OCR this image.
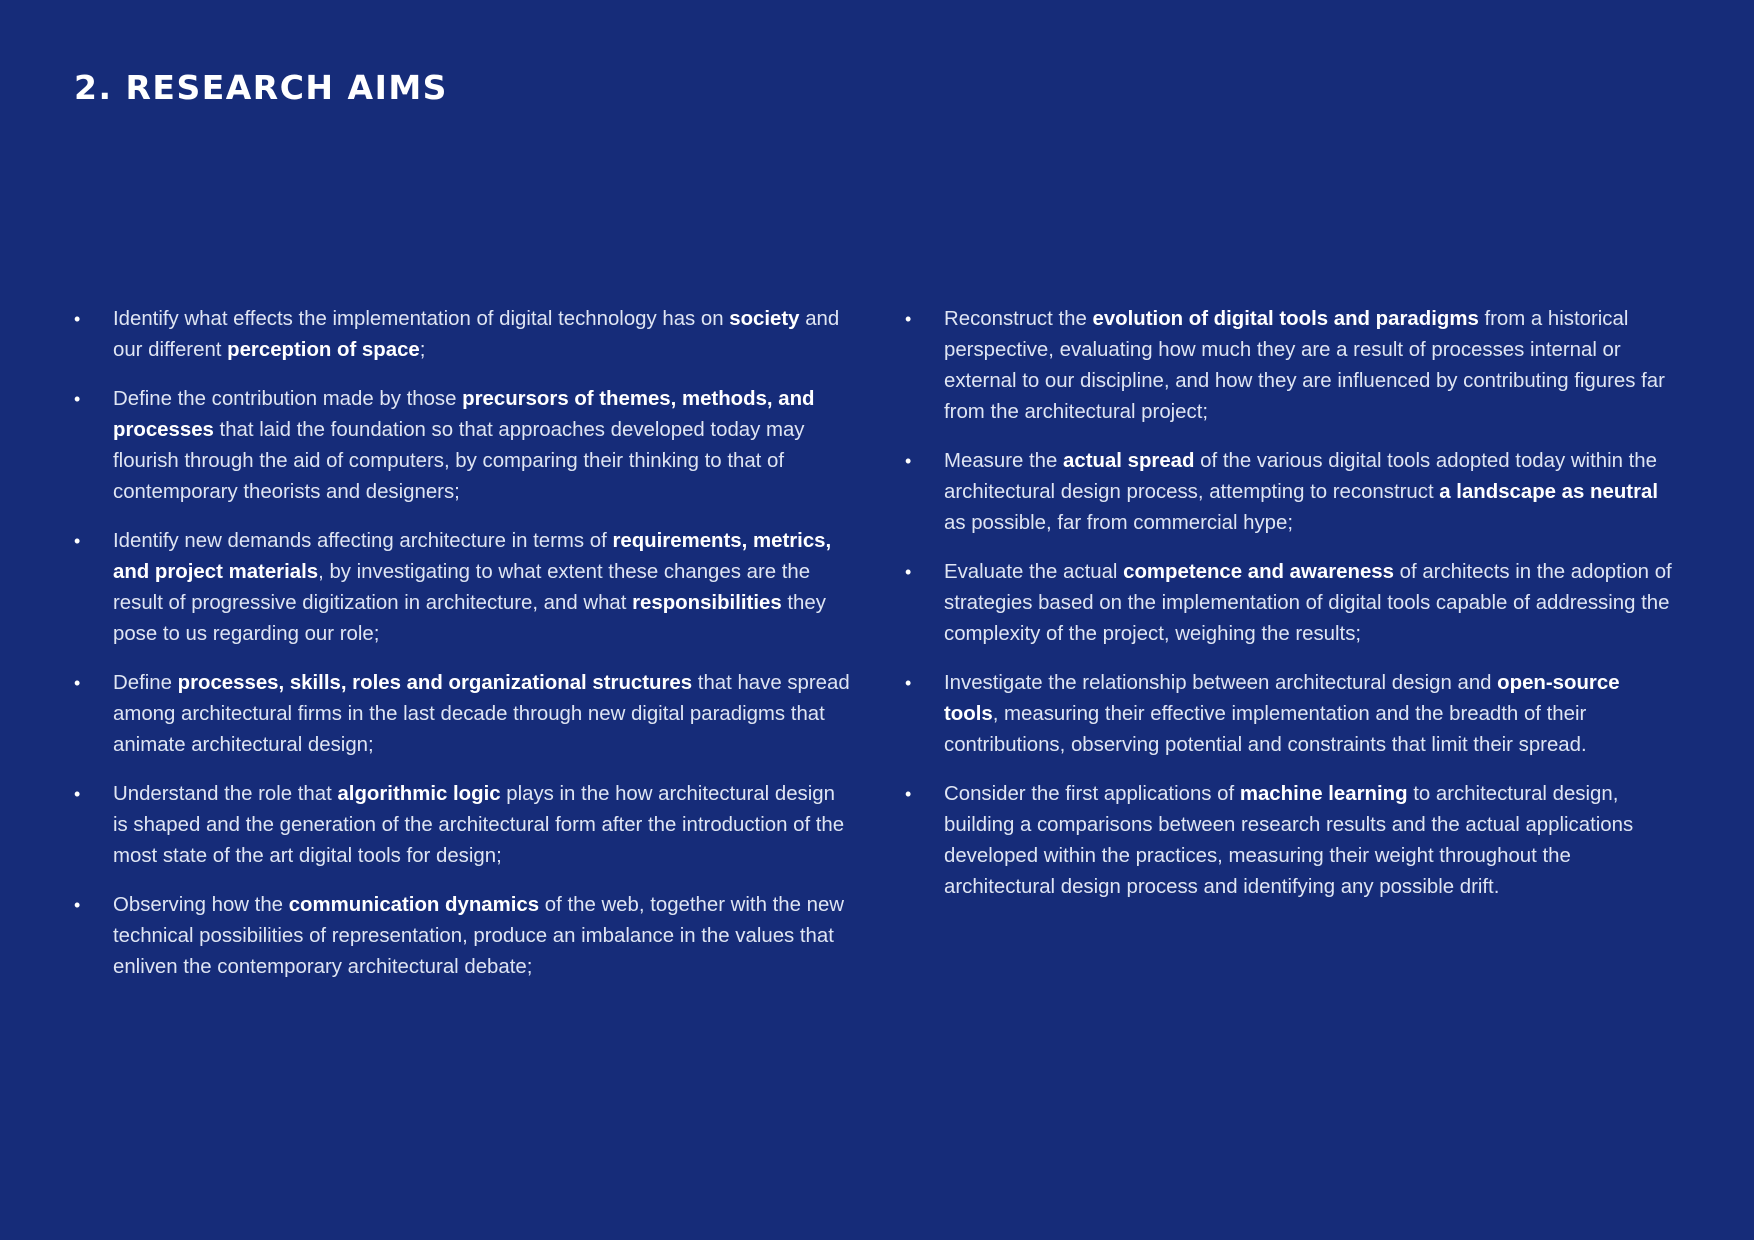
2. RESEARCH AIMS
• Identify what effects the implementation of digital technology has on society and our different perception of space;
• Define the contribution made by those precursors of themes, methods, and processes that laid the foundation so that approaches developed today may flourish through the aid of computers, by comparing their thinking to that of contemporary theorists and designers;
• Identify new demands affecting architecture in terms of requirements, metrics, and project materials, by investigating to what extent these changes are the result of progressive digitization in architecture, and what responsibilities they pose to us regarding our role;
• Define processes, skills, roles and organizational structures that have spread among architectural firms in the last decade through new digital paradigms that animate architectural design;
• Understand the role that algorithmic logic plays in the how architectural design is shaped and the generation of the architectural form after the introduction of the most state of the art digital tools for design;
• Observing how the communication dynamics of the web, together with the new technical possibilities of representation, produce an imbalance in the values that enliven the contemporary architectural debate;
• Reconstruct the evolution of digital tools and paradigms from a historical perspective, evaluating how much they are a result of processes internal or external to our discipline, and how they are influenced by contributing figures far from the architectural project;
• Measure the actual spread of the various digital tools adopted today within the architectural design process, attempting to reconstruct a landscape as neutral as possible, far from commercial hype;
• Evaluate the actual competence and awareness of architects in the adoption of strategies based on the implementation of digital tools capable of addressing the complexity of the project, weighing the results;
• Investigate the relationship between architectural design and open-source tools, measuring their effective implementation and the breadth of their contributions, observing potential and constraints that limit their spread.
• Consider the first applications of machine learning to architectural design, building a comparisons between research results and the actual applications developed within the practices, measuring their weight throughout the architectural design process and identifying any possible drift.
